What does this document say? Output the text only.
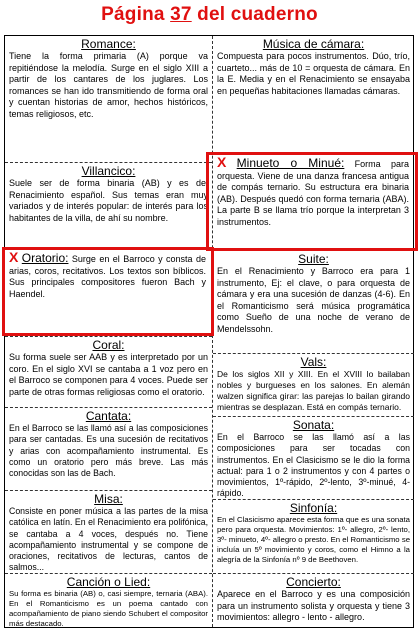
Página 37 del cuaderno
Romance:
Tiene la forma primaria (A) porque va repitiéndose la melodía. Surge en el siglo XIII a partir de los cantares de los juglares. Los romances se han ido transmitiendo de forma oral y cuentan historias de amor, hechos históricos, temas religiosos, etc.
Villancico:
Suele ser de forma binaria (AB) y es del Renacimiento español. Sus temas eran muy variados y de interés popular: de interés para los habitantes de la villa, de ahí su nombre.
X Oratorio: Surge en el Barroco y consta de arias, coros, recitativos. Los textos son bíblicos. Sus principales compositores fueron Bach y Haendel.
Coral:
Su forma suele ser AAB y es interpretado por un coro. En el siglo XVI se cantaba a 1 voz pero en el Barroco se componen para 4 voces. Puede ser parte de otras formas religiosas como el oratorio.
Cantata:
En el Barroco se las llamó así a las composiciones para ser cantadas. Es una sucesión de recitativos y arias con acompañamiento instrumental. Es como un oratorio pero más breve. Las más conocidas son las de Bach.
Misa:
Consiste en poner música a las partes de la misa católica en latín. En el Renacimiento era polifónica, se cantaba a 4 voces, después no. Tiene acompañamiento instrumental y se compone de oraciones, recitativos de lecturas, cantos de salmos...
Canción o Lied:
Su forma es binaria (AB) o, casi siempre, ternaria (ABA). En el Romanticismo es un poema cantado con acompañamiento de piano siendo Schubert el compositor más destacado.
Música de cámara:
Compuesta para pocos instrumentos. Dúo, trío, cuarteto... más de 10 = orquesta de cámara. En la E. Media y en el Renacimiento se ensayaba en pequeñas habitaciones llamadas cámaras.
X Minueto o Minué: Forma para orquesta. Viene de una danza francesa antigua de compás ternario. Su estructura era binaria (AB). Después quedó con forma ternaria (ABA). La parte B se llama trío porque la interpretan 3 instrumentos.
Suite:
En el Renacimiento y Barroco era para 1 instrumento, Ej: el clave, o para orquesta de cámara y era una sucesión de danzas (4-6). En el Romanticismo será música programática como Sueño de una noche de verano de Mendelssohn.
Vals:
De los siglos XII y XIII. En el XVIII lo bailaban nobles y burgueses en los salones. En alemán walzen significa girar: las parejas lo bailan girando mientras se desplazan. Está en compás ternario.
Sonata:
En el Barroco se las llamó así a las composiciones para ser tocadas con instrumentos. En el Clasicismo se le dio la forma actual: para 1 o 2 instrumentos y con 4 partes o movimientos, 1º-rápido, 2º-lento, 3º-minué, 4-rápido.
Sinfonía:
En el Clasicismo aparece esta forma que es una sonata pero para orquesta. Movimientos: 1º- allegro, 2º- lento, 3º- minueto, 4º- allegro o presto. En el Romanticismo se incluía un 5º movimiento y coros, como el Himno a la alegría de la Sinfonía nº 9 de Beethoven.
Concierto:
Aparece en el Barroco y es una composición para un instrumento solista y orquesta y tiene 3 movimientos: allegro - lento - allegro.
